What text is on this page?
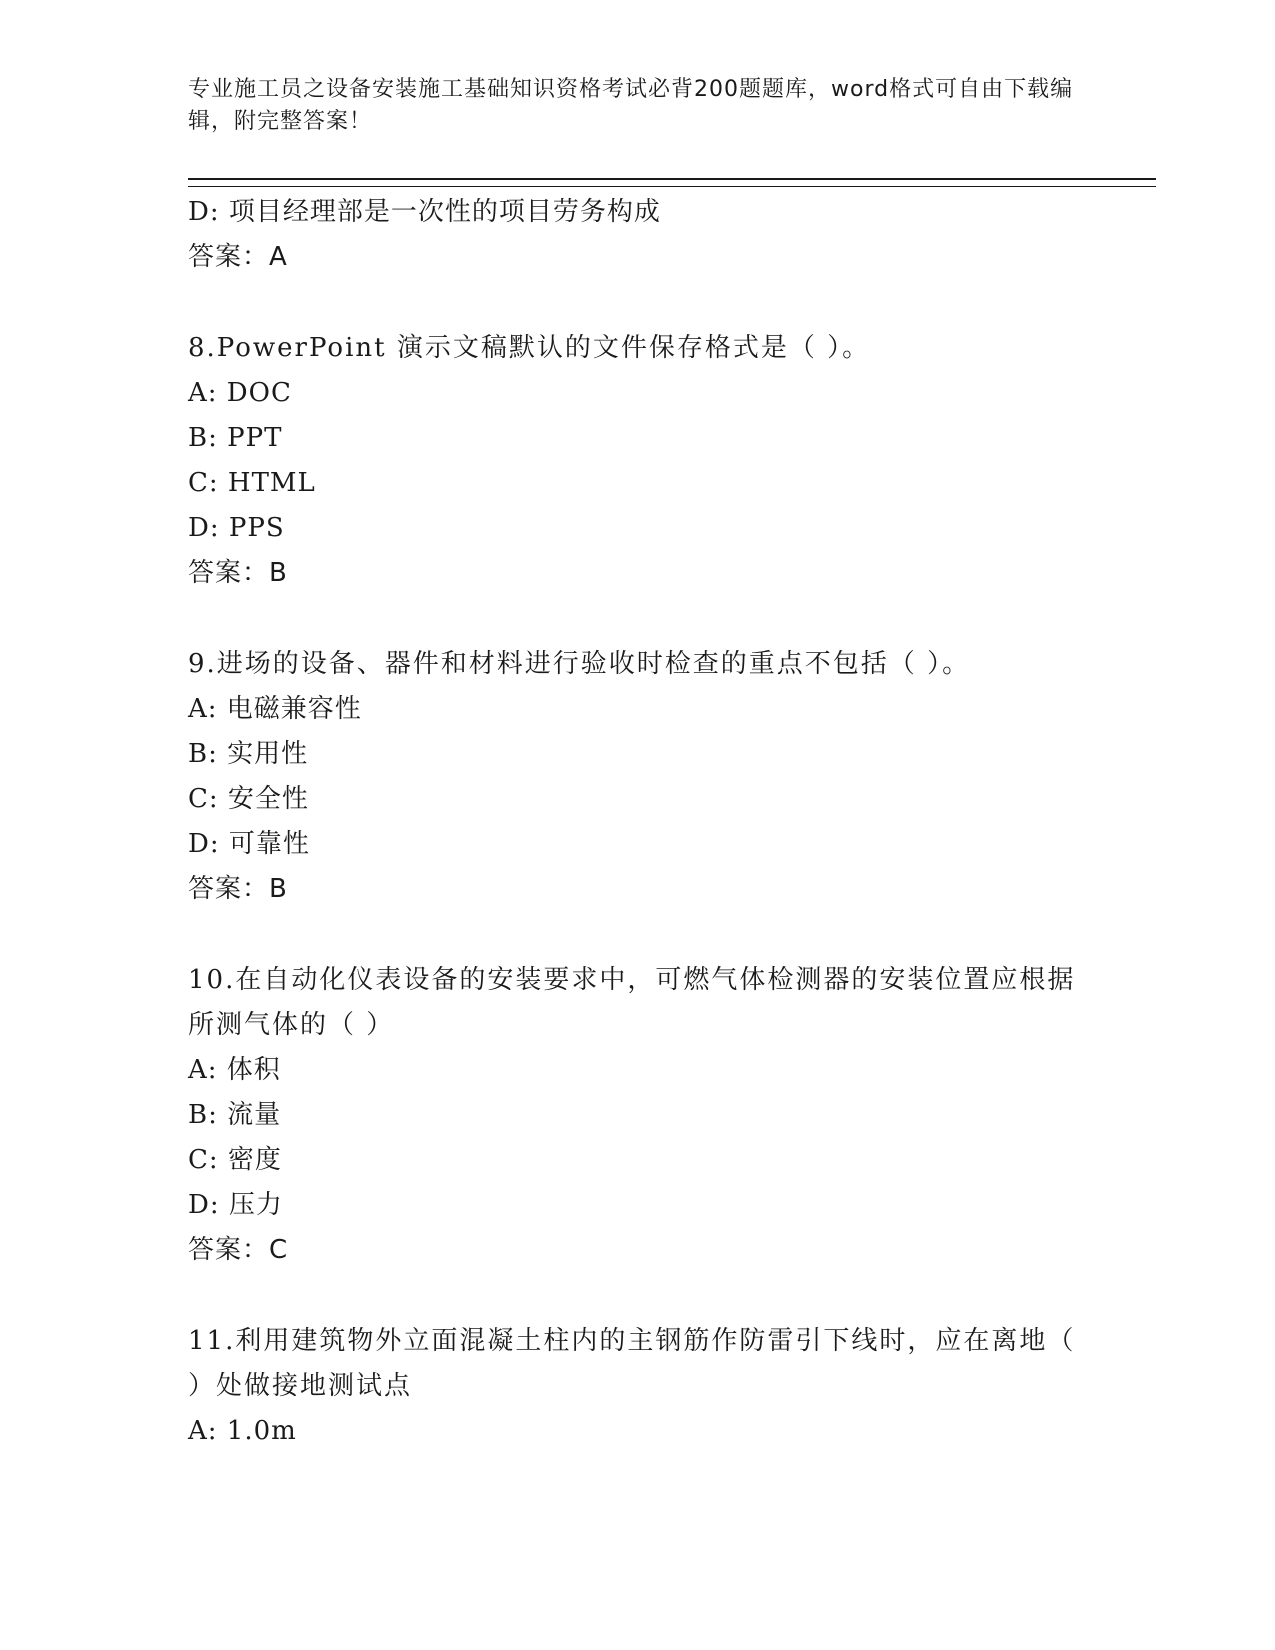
专业施工员之设备安装施工基础知识资格考试必背200题题库，word格式可自由下载编辑，附完整答案！
D: 项目经理部是一次性的项目劳务构成
答案：A
8.PowerPoint 演示文稿默认的文件保存格式是（ ）。
A: DOC
B: PPT
C: HTML
D: PPS
答案：B
9.进场的设备、器件和材料进行验收时检查的重点不包括（ ）。
A: 电磁兼容性
B: 实用性
C: 安全性
D: 可靠性
答案：B
10.在自动化仪表设备的安装要求中，可燃气体检测器的安装位置应根据所测气体的（ ）
A: 体积
B: 流量
C: 密度
D: 压力
答案：C
11.利用建筑物外立面混凝土柱内的主钢筋作防雷引下线时，应在离地（ ）处做接地测试点
A: 1.0m
